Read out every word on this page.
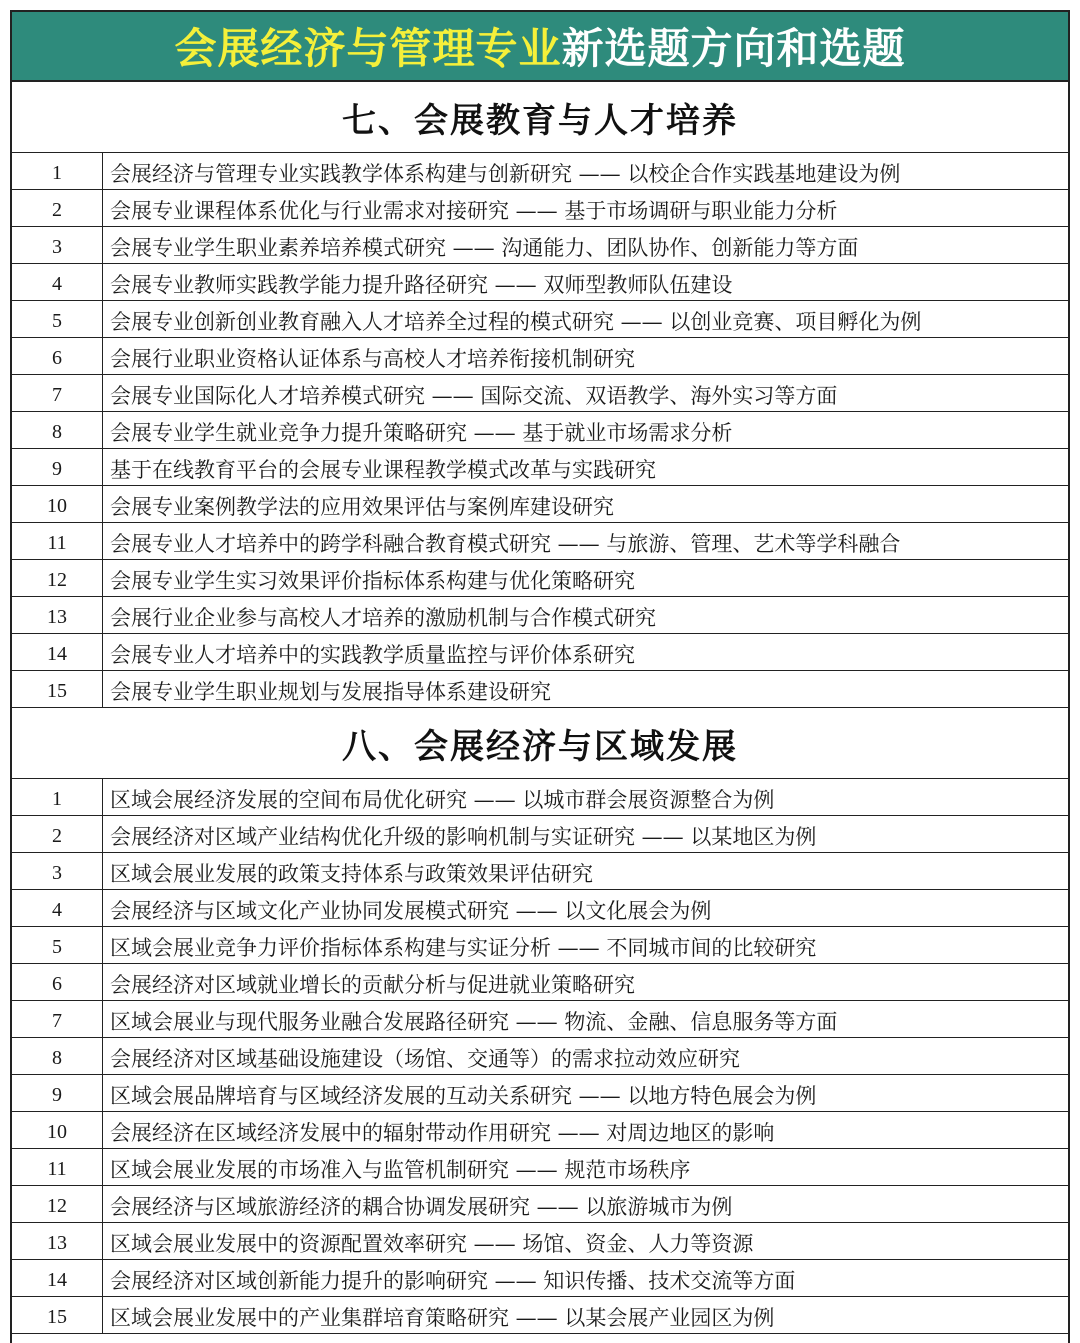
会展经济与管理专业 新选题方向和选题
七、会展教育与人才培养
1	会展经济与管理专业实践教学体系构建与创新研究 —— 以校企合作实践基地建设为例
2	会展专业课程体系优化与行业需求对接研究 —— 基于市场调研与职业能力分析
3	会展专业学生职业素养培养模式研究 —— 沟通能力、团队协作、创新能力等方面
4	会展专业教师实践教学能力提升路径研究 —— 双师型教师队伍建设
5	会展专业创新创业教育融入人才培养全过程的模式研究 —— 以创业竞赛、项目孵化为例
6	会展行业职业资格认证体系与高校人才培养衔接机制研究
7	会展专业国际化人才培养模式研究 —— 国际交流、双语教学、海外实习等方面
8	会展专业学生就业竞争力提升策略研究 —— 基于就业市场需求分析
9	基于在线教育平台的会展专业课程教学模式改革与实践研究
10	会展专业案例教学法的应用效果评估与案例库建设研究
11	会展专业人才培养中的跨学科融合教育模式研究 —— 与旅游、管理、艺术等学科融合
12	会展专业学生实习效果评价指标体系构建与优化策略研究
13	会展行业企业参与高校人才培养的激励机制与合作模式研究
14	会展专业人才培养中的实践教学质量监控与评价体系研究
15	会展专业学生职业规划与发展指导体系建设研究
八、会展经济与区域发展
1	区域会展经济发展的空间布局优化研究 —— 以城市群会展资源整合为例
2	会展经济对区域产业结构优化升级的影响机制与实证研究 —— 以某地区为例
3	区域会展业发展的政策支持体系与政策效果评估研究
4	会展经济与区域文化产业协同发展模式研究 —— 以文化展会为例
5	区域会展业竞争力评价指标体系构建与实证分析 —— 不同城市间的比较研究
6	会展经济对区域就业增长的贡献分析与促进就业策略研究
7	区域会展业与现代服务业融合发展路径研究 —— 物流、金融、信息服务等方面
8	会展经济对区域基础设施建设（场馆、交通等）的需求拉动效应研究
9	区域会展品牌培育与区域经济发展的互动关系研究 —— 以地方特色展会为例
10	会展经济在区域经济发展中的辐射带动作用研究 —— 对周边地区的影响
11	区域会展业发展的市场准入与监管机制研究 —— 规范市场秩序
12	会展经济与区域旅游经济的耦合协调发展研究 —— 以旅游城市为例
13	区域会展业发展中的资源配置效率研究 —— 场馆、资金、人力等资源
14	会展经济对区域创新能力提升的影响研究 —— 知识传播、技术交流等方面
15	区域会展业发展中的产业集群培育策略研究 —— 以某会展产业园区为例
